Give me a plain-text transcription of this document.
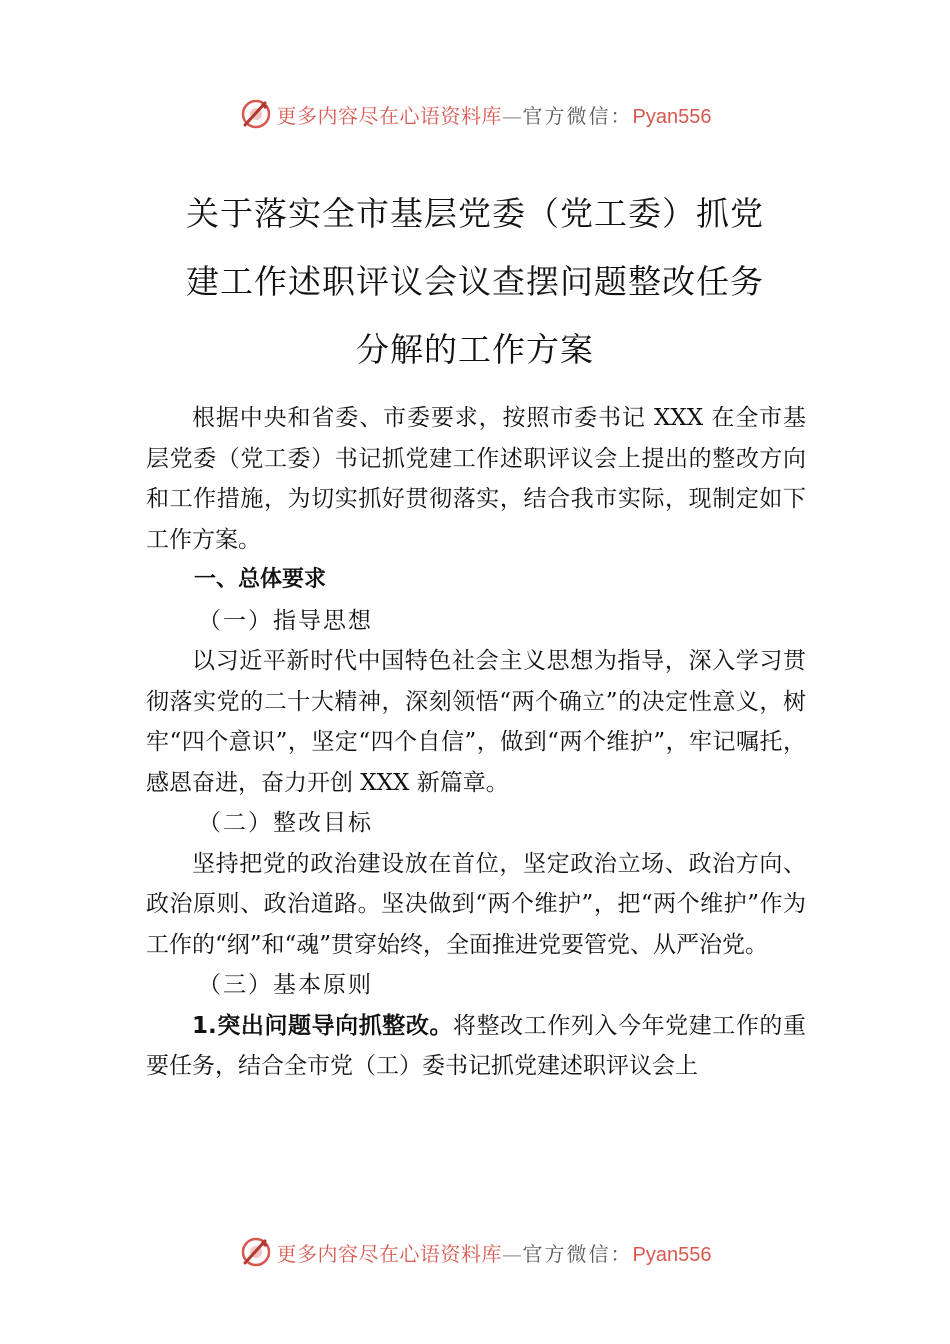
更多内容尽在心语资料库—官方微信：Pyan556
关于落实全市基层党委（党工委）抓党
建工作述职评议会议查摆问题整改任务
分解的工作方案

根据中央和省委、市委要求，按照市委书记 XXX 在全市基层党委（党工委）书记抓党建工作述职评议会上提出的整改方向和工作措施，为切实抓好贯彻落实，结合我市实际，现制定如下工作方案。

一、总体要求

（一）指导思想

以习近平新时代中国特色社会主义思想为指导，深入学习贯彻落实党的二十大精神，深刻领悟“两个确立”的决定性意义，树牢“四个意识”，坚定“四个自信”，做到“两个维护”，牢记嘱托，感恩奋进，奋力开创 XXX 新篇章。

（二）整改目标

坚持把党的政治建设放在首位，坚定政治立场、政治方向、政治原则、政治道路。坚决做到“两个维护”，把“两个维护”作为工作的“纲”和“魂”贯穿始终，全面推进党要管党、从严治党。

（三）基本原则

1.突出问题导向抓整改。将整改工作列入今年党建工作的重要任务，结合全市党（工）委书记抓党建述职评议会上

更多内容尽在心语资料库—官方微信：Pyan556
